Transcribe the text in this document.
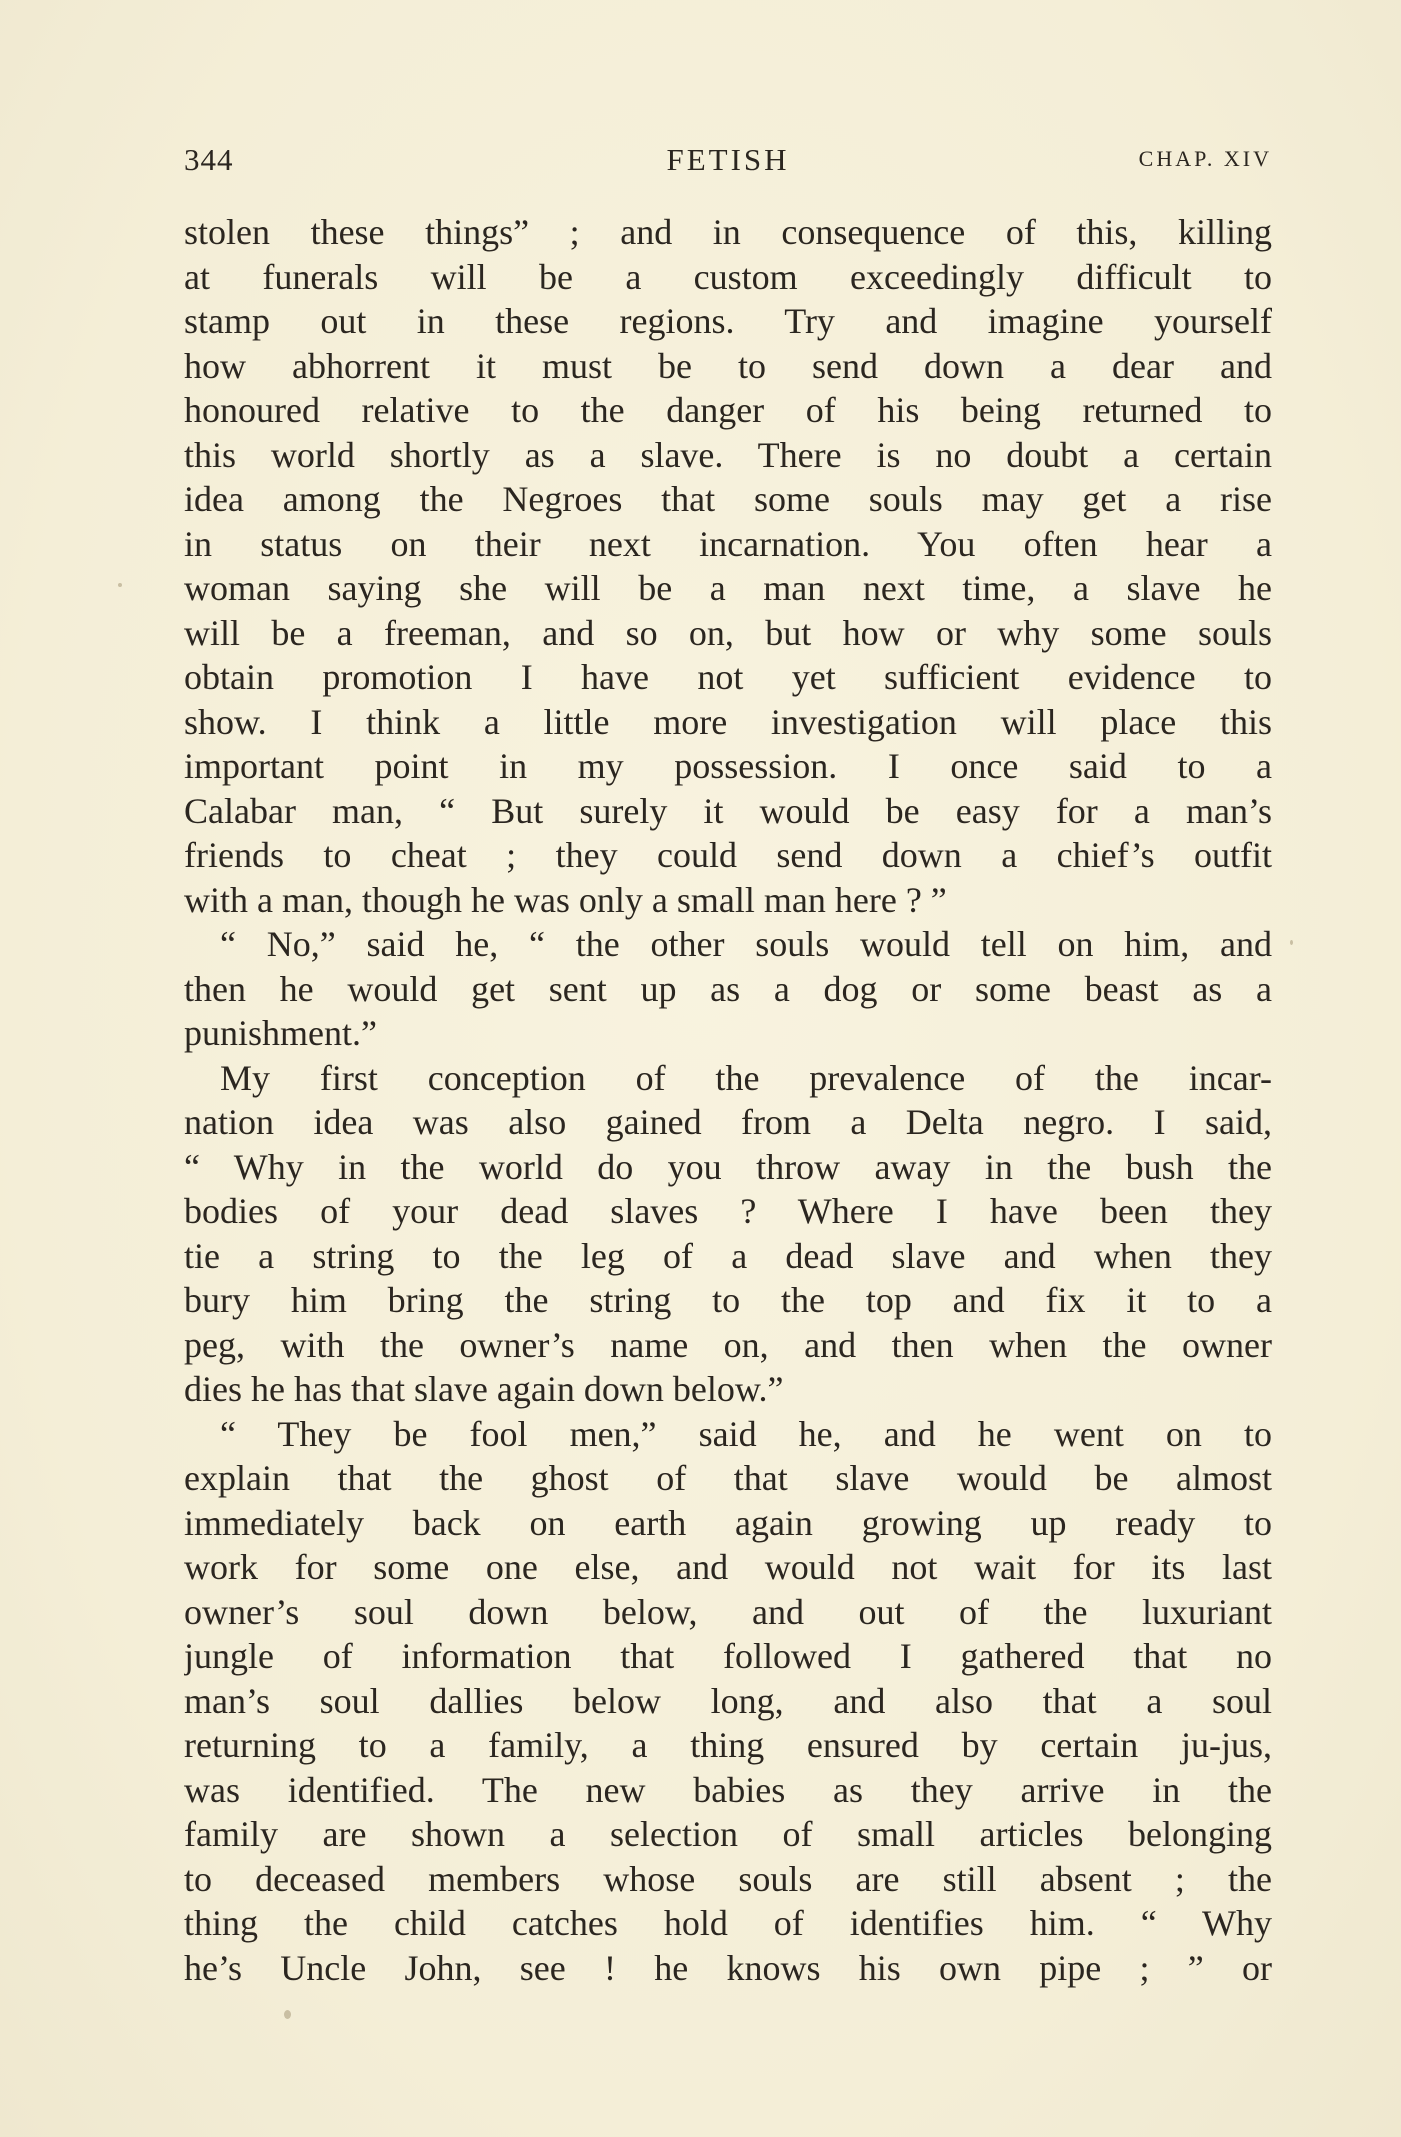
344	FETISH	CHAP. XIV
stolen these things” ; and in consequence of this, killing
at funerals will be a custom exceedingly difficult to
stamp out in these regions. Try and imagine yourself
how abhorrent it must be to send down a dear and
honoured relative to the danger of his being returned to
this world shortly as a slave. There is no doubt a certain
idea among the Negroes that some souls may get a rise
in status on their next incarnation. You often hear a
woman saying she will be a man next time, a slave he
will be a freeman, and so on, but how or why some souls
obtain promotion I have not yet sufficient evidence to
show. I think a little more investigation will place this
important point in my possession. I once said to a
Calabar man, “ But surely it would be easy for a man’s
friends to cheat ; they could send down a chief’s outfit
with a man, though he was only a small man here ? ”
“ No,” said he, “ the other souls would tell on him, and
then he would get sent up as a dog or some beast as a
punishment.”
My first conception of the prevalence of the incar-
nation idea was also gained from a Delta negro. I said,
“ Why in the world do you throw away in the bush the
bodies of your dead slaves ? Where I have been they
tie a string to the leg of a dead slave and when they
bury him bring the string to the top and fix it to a
peg, with the owner’s name on, and then when the owner
dies he has that slave again down below.”
“ They be fool men,” said he, and he went on to
explain that the ghost of that slave would be almost
immediately back on earth again growing up ready to
work for some one else, and would not wait for its last
owner’s soul down below, and out of the luxuriant
jungle of information that followed I gathered that no
man’s soul dallies below long, and also that a soul
returning to a family, a thing ensured by certain ju-jus,
was identified. The new babies as they arrive in the
family are shown a selection of small articles belonging
to deceased members whose souls are still absent ; the
thing the child catches hold of identifies him. “ Why
he’s Uncle John, see ! he knows his own pipe ; ” or
